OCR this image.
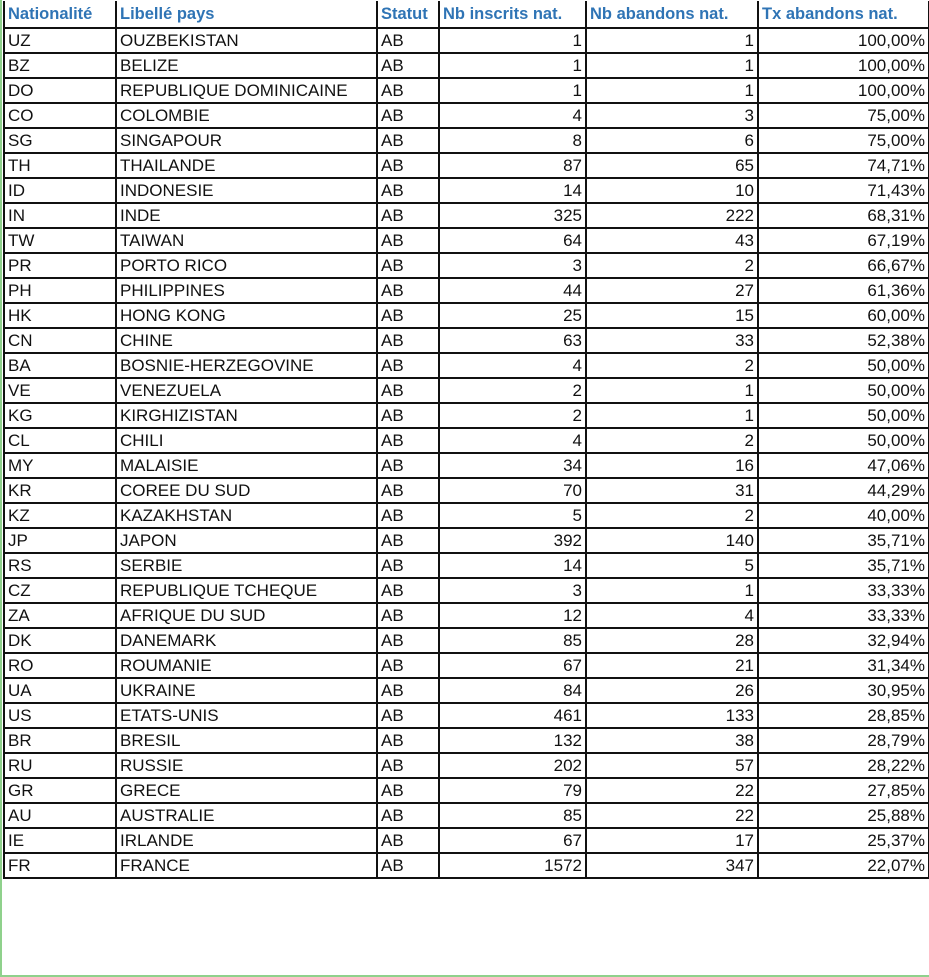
Nationalité	Libellé pays	Statut	Nb inscrits nat.	Nb abandons nat.	Tx abandons nat.
UZ	OUZBEKISTAN	AB	1	1	100,00%
BZ	BELIZE	AB	1	1	100,00%
DO	REPUBLIQUE DOMINICAINE	AB	1	1	100,00%
CO	COLOMBIE	AB	4	3	75,00%
SG	SINGAPOUR	AB	8	6	75,00%
TH	THAILANDE	AB	87	65	74,71%
ID	INDONESIE	AB	14	10	71,43%
IN	INDE	AB	325	222	68,31%
TW	TAIWAN	AB	64	43	67,19%
PR	PORTO RICO	AB	3	2	66,67%
PH	PHILIPPINES	AB	44	27	61,36%
HK	HONG KONG	AB	25	15	60,00%
CN	CHINE	AB	63	33	52,38%
BA	BOSNIE-HERZEGOVINE	AB	4	2	50,00%
VE	VENEZUELA	AB	2	1	50,00%
KG	KIRGHIZISTAN	AB	2	1	50,00%
CL	CHILI	AB	4	2	50,00%
MY	MALAISIE	AB	34	16	47,06%
KR	COREE DU SUD	AB	70	31	44,29%
KZ	KAZAKHSTAN	AB	5	2	40,00%
JP	JAPON	AB	392	140	35,71%
RS	SERBIE	AB	14	5	35,71%
CZ	REPUBLIQUE TCHEQUE	AB	3	1	33,33%
ZA	AFRIQUE DU SUD	AB	12	4	33,33%
DK	DANEMARK	AB	85	28	32,94%
RO	ROUMANIE	AB	67	21	31,34%
UA	UKRAINE	AB	84	26	30,95%
US	ETATS-UNIS	AB	461	133	28,85%
BR	BRESIL	AB	132	38	28,79%
RU	RUSSIE	AB	202	57	28,22%
GR	GRECE	AB	79	22	27,85%
AU	AUSTRALIE	AB	85	22	25,88%
IE	IRLANDE	AB	67	17	25,37%
FR	FRANCE	AB	1572	347	22,07%
